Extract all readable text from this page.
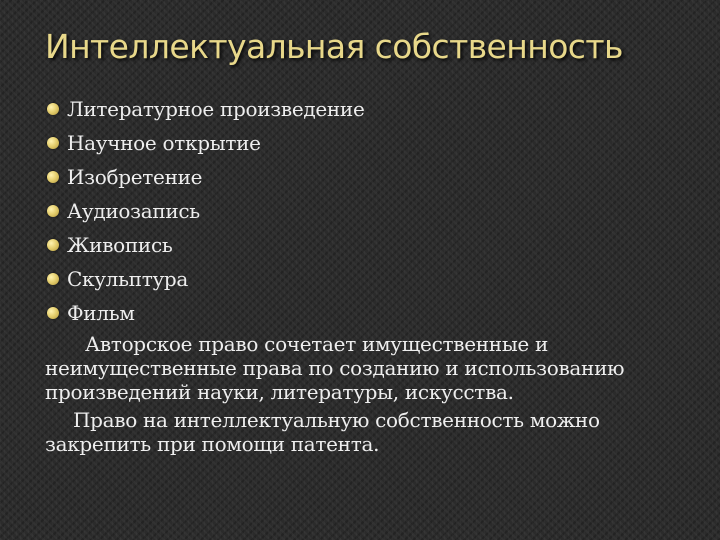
Интеллектуальная собственность
Литературное произведение
Научное открытие
Изобретение
Аудиозапись
Живопись
Скульптура
Фильм

Авторское право сочетает имущественные и неимущественные права по созданию и использованию произведений науки, литературы, искусства.

Право на интеллектуальную собственность можно закрепить при помощи патента.
